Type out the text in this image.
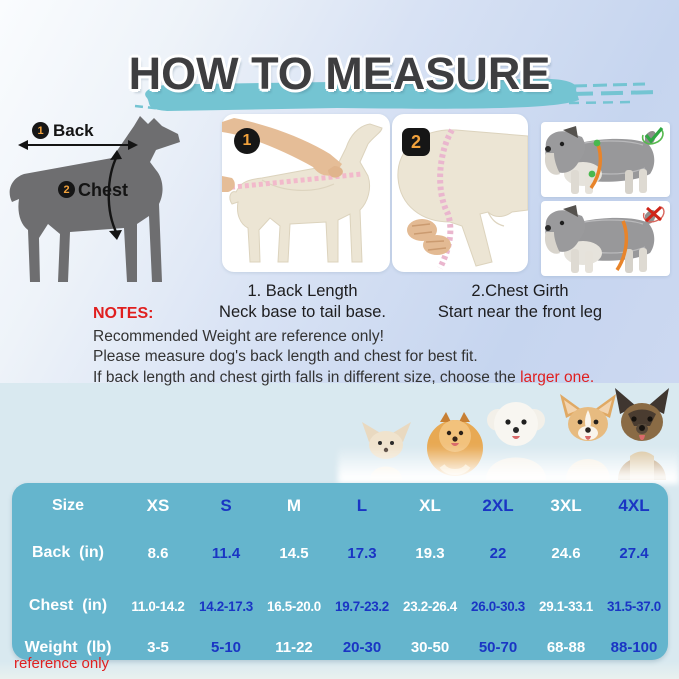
HOW TO MEASURE
1 Back
2 Chest
1	2
1. Back Length
Neck base to tail base.
2.Chest Girth
Start near the front leg
NOTES:
Recommended Weight are reference only!
Please measure dog's back length and chest for best fit.
If back length and chest girth falls in different size, choose the larger one.
Size	XS	S	M	L	XL	2XL	3XL	4XL
Back  (in)	8.6	11.4	14.5	17.3	19.3	22	24.6	27.4
Chest  (in)	11.0-14.2	14.2-17.3	16.5-20.0	19.7-23.2	23.2-26.4	26.0-30.3	29.1-33.1	31.5-37.0
Weight  (lb)	3-5	5-10	11-22	20-30	30-50	50-70	68-88	88-100
reference only
